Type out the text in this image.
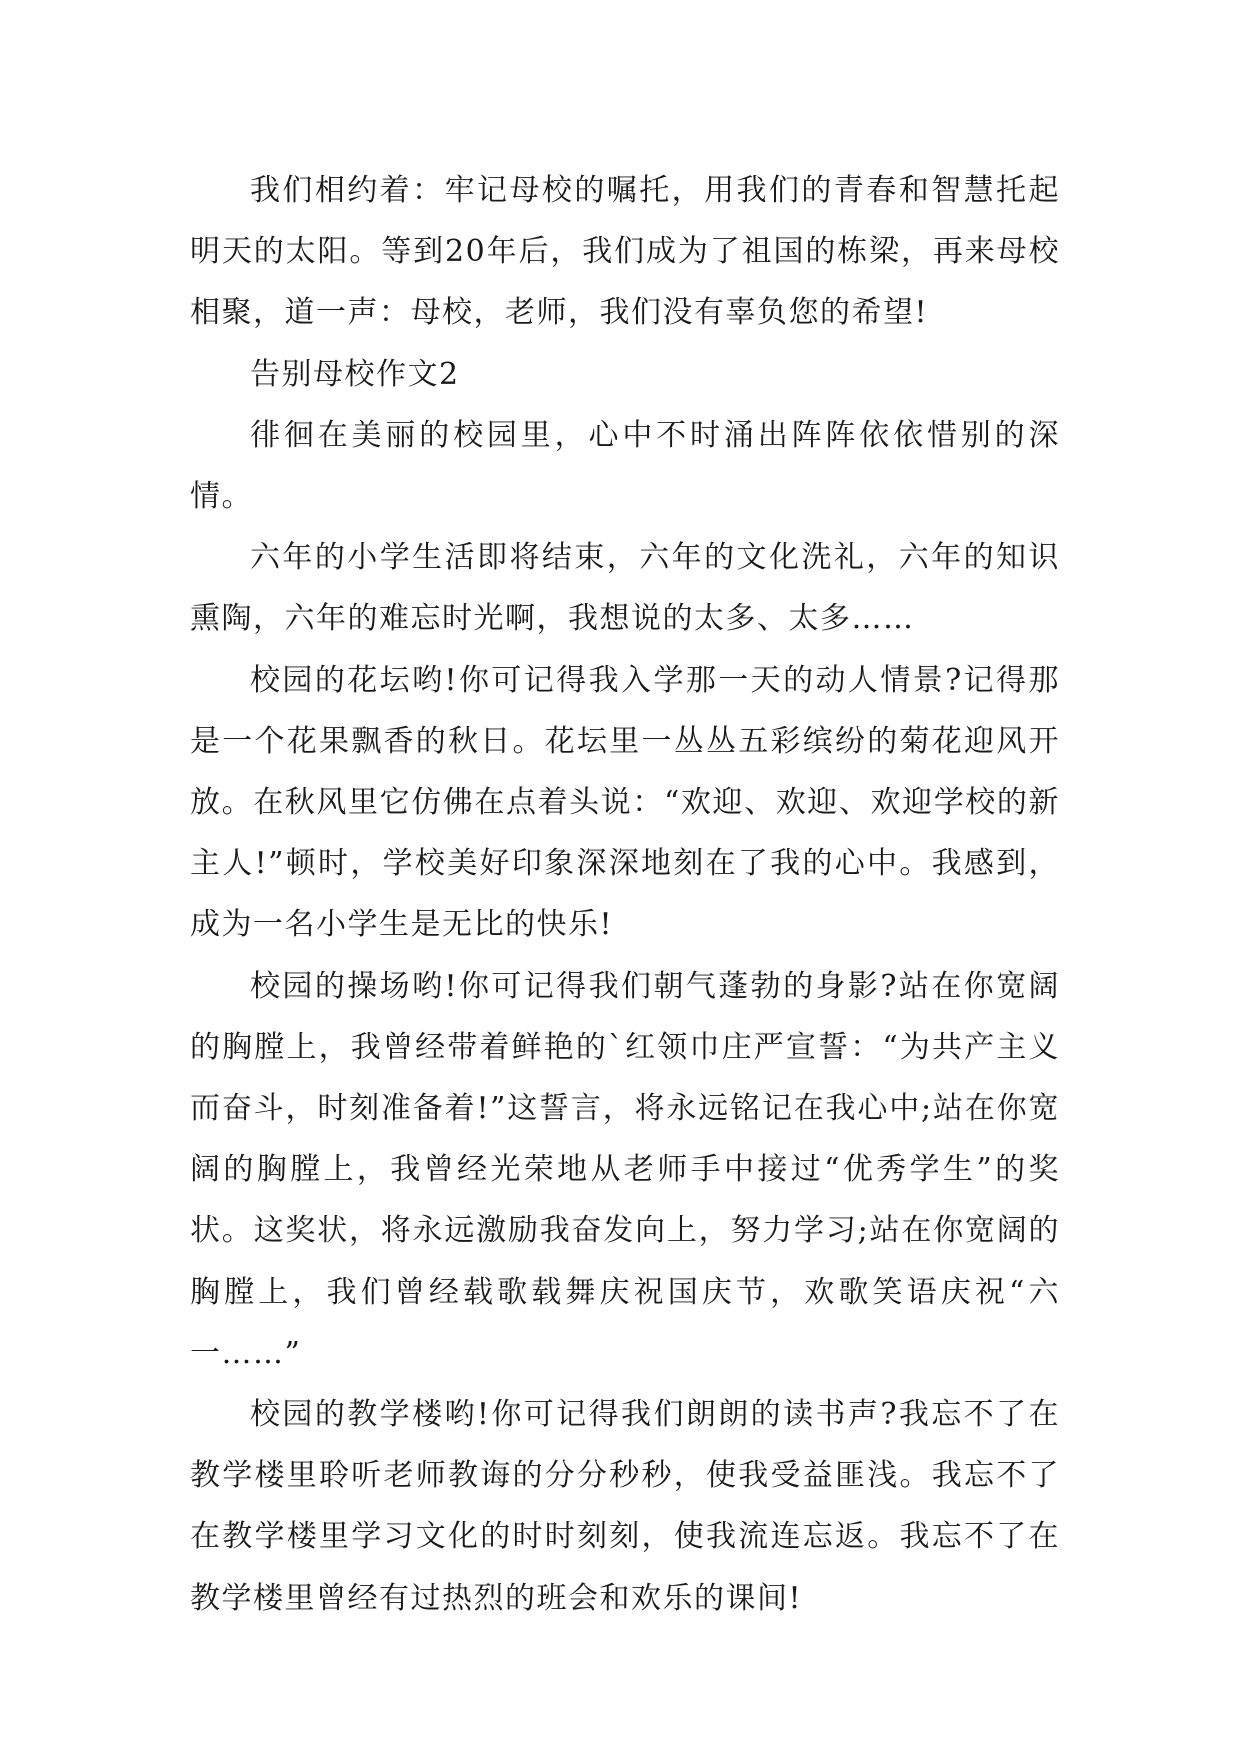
我们相约着：牢记母校的嘱托，用我们的青春和智慧托起明天的太阳。等到20年后，我们成为了祖国的栋梁，再来母校相聚，道一声：母校，老师，我们没有辜负您的希望!

告别母校作文2

徘徊在美丽的校园里，心中不时涌出阵阵依依惜别的深情。

六年的小学生活即将结束，六年的文化洗礼，六年的知识熏陶，六年的难忘时光啊，我想说的太多、太多……

校园的花坛哟!你可记得我入学那一天的动人情景?记得那是一个花果飘香的秋日。花坛里一丛丛五彩缤纷的菊花迎风开放。在秋风里它仿佛在点着头说：“欢迎、欢迎、欢迎学校的新主人!”顿时，学校美好印象深深地刻在了我的心中。我感到，成为一名小学生是无比的快乐!

校园的操场哟!你可记得我们朝气蓬勃的身影?站在你宽阔的胸膛上，我曾经带着鲜艳的`红领巾庄严宣誓：“为共产主义而奋斗，时刻准备着!”这誓言，将永远铭记在我心中;站在你宽阔的胸膛上，我曾经光荣地从老师手中接过“优秀学生”的奖状。这奖状，将永远激励我奋发向上，努力学习;站在你宽阔的胸膛上，我们曾经载歌载舞庆祝国庆节，欢歌笑语庆祝“六一……”

校园的教学楼哟!你可记得我们朗朗的读书声?我忘不了在教学楼里聆听老师教诲的分分秒秒，使我受益匪浅。我忘不了在教学楼里学习文化的时时刻刻，使我流连忘返。我忘不了在教学楼里曾经有过热烈的班会和欢乐的课间!
